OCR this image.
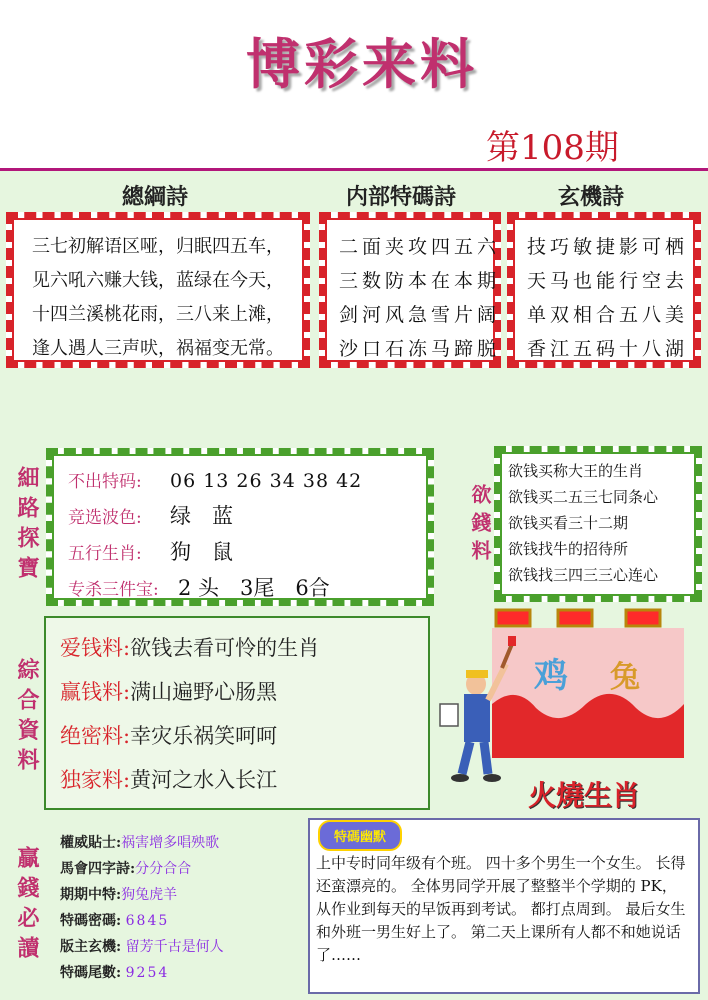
博彩来料
第108期
總綱詩	内部特碼詩	玄機詩
三七初解语区哑，归眠四五车，
见六吼六赚大钱，蓝绿在今天，
十四兰溪桃花雨，三八来上滩，
逢人遇人三声吠，祸福变无常。
二面夹攻四五六
三数防本在本期
剑河风急雪片阔
沙口石冻马蹄脱
技巧敏捷影可栖
天马也能行空去
单双相合五八美
香江五码十八湖
細路探寶 不出特码: 06 13 26 34 38 42
竞选波色: 绿　蓝
五行生肖: 狗　鼠
专杀三件宝: 2 头　3尾　6合
欲錢料
欲钱买称大王的生肖
欲钱买二五三七同条心
欲钱买看三十二期
欲钱找牛的招待所
欲钱找三四三三心连心
綜合資料
爱钱料:欲钱去看可怜的生肖
赢钱料:满山遍野心肠黑
绝密料:幸灾乐祸笑呵呵
独家料:黄河之水入长江
鸡 兔
火燒生肖
贏錢必讀
權威貼士:祸害增多唱殃歌
馬會四字詩:分分合合
期期中特:狗兔虎羊
特碼密碼: 6845
版主玄機: 留芳千古是何人
特碼尾數: 9254
特碼幽默
上中专时同年级有个班。 四十多个男生一个女生。 长得还蛮漂亮的。 全体男同学开展了整整半个学期的 PK， 从作业到每天的早饭再到考试。 都打点周到。 最后女生和外班一男生好上了。 第二天上课所有人都不和她说话了……
